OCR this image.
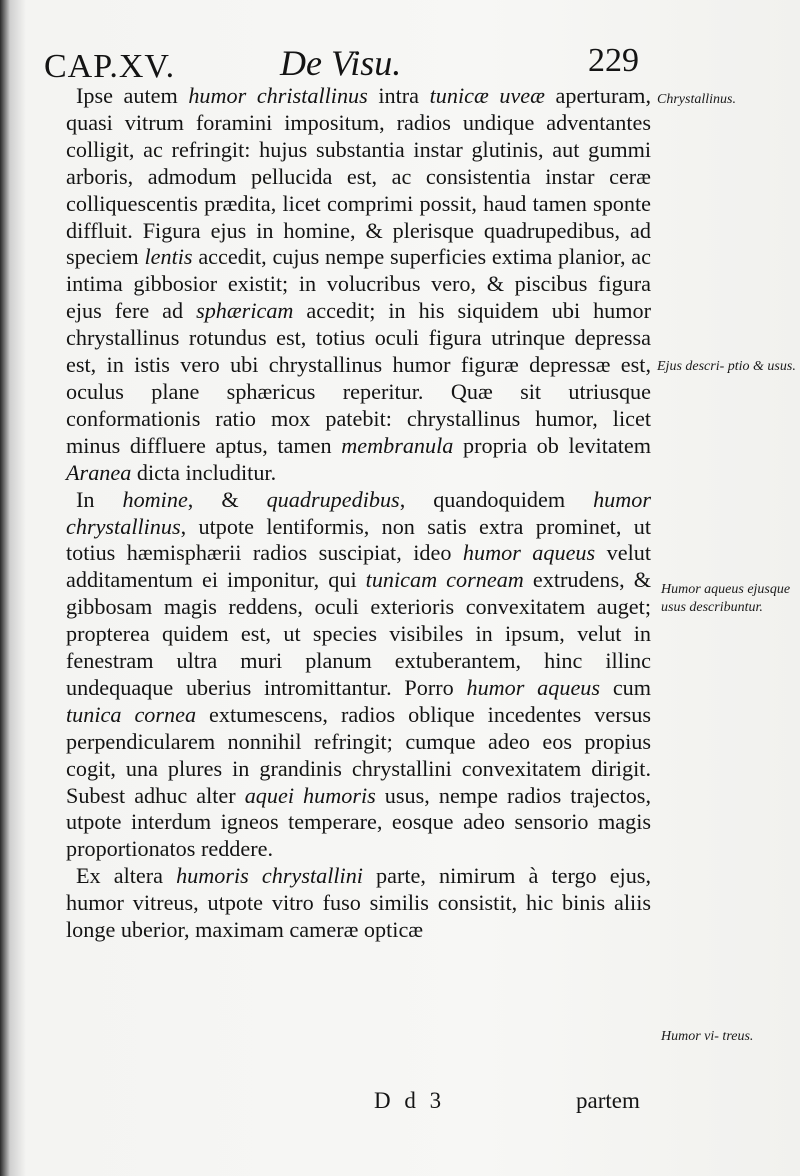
CAP.XV.	De Visu.	229
Chrystallinus.
Ejus descri- ptio & usus.
Humor aqueus ejusque usus describuntur.
Humor vi- treus.

Ipse autem humor christallinus intra tunicæ uveæ aperturam, quasi vitrum foramini impositum, radios undique adventantes colligit, ac refringit: hujus substantia instar glutinis, aut gummi arboris, admodum pellucida est, ac consistentia instar ceræ colliquescentis prædita, licet comprimi possit, haud tamen sponte diffluit. Figura ejus in homine, & plerisque quadrupedibus, ad speciem lentis accedit, cujus nempe superficies extima planior, ac intima gibbosior existit; in volucribus vero, & piscibus figura ejus fere ad sphæricam accedit; in his siquidem ubi humor chrystallinus rotundus est, totius oculi figura utrinque depressa est, in istis vero ubi chrystallinus humor figuræ depressæ est, oculus plane sphæricus reperitur. Quæ sit utriusque conformationis ratio mox patebit: chrystallinus humor, licet minus diffluere aptus, tamen membranula propria ob levitatem Aranea dicta includitur.

In homine, & quadrupedibus, quandoquidem humor chrystallinus, utpote lentiformis, non satis extra prominet, ut totius hæmisphærii radios suscipiat, ideo humor aqueus velut additamentum ei imponitur, qui tunicam corneam extrudens, & gibbosam magis reddens, oculi exterioris convexitatem auget; propterea quidem est, ut species visibiles in ipsum, velut in fenestram ultra muri planum extuberantem, hinc illinc undequaque uberius intromittantur. Porro humor aqueus cum tunica cornea extumescens, radios oblique incedentes versus perpendicularem nonnihil refringit; cumque adeo eos propius cogit, una plures in grandinis chrystallini convexitatem dirigit. Subest adhuc alter aquei humoris usus, nempe radios trajectos, utpote interdum igneos temperare, eosque adeo sensorio magis proportionatos reddere.

Ex altera humoris chrystallini parte, nimirum à tergo ejus, humor vitreus, utpote vitro fuso similis consistit, hic binis aliis longe uberior, maximam cameræ opticæ

D d 3	partem
